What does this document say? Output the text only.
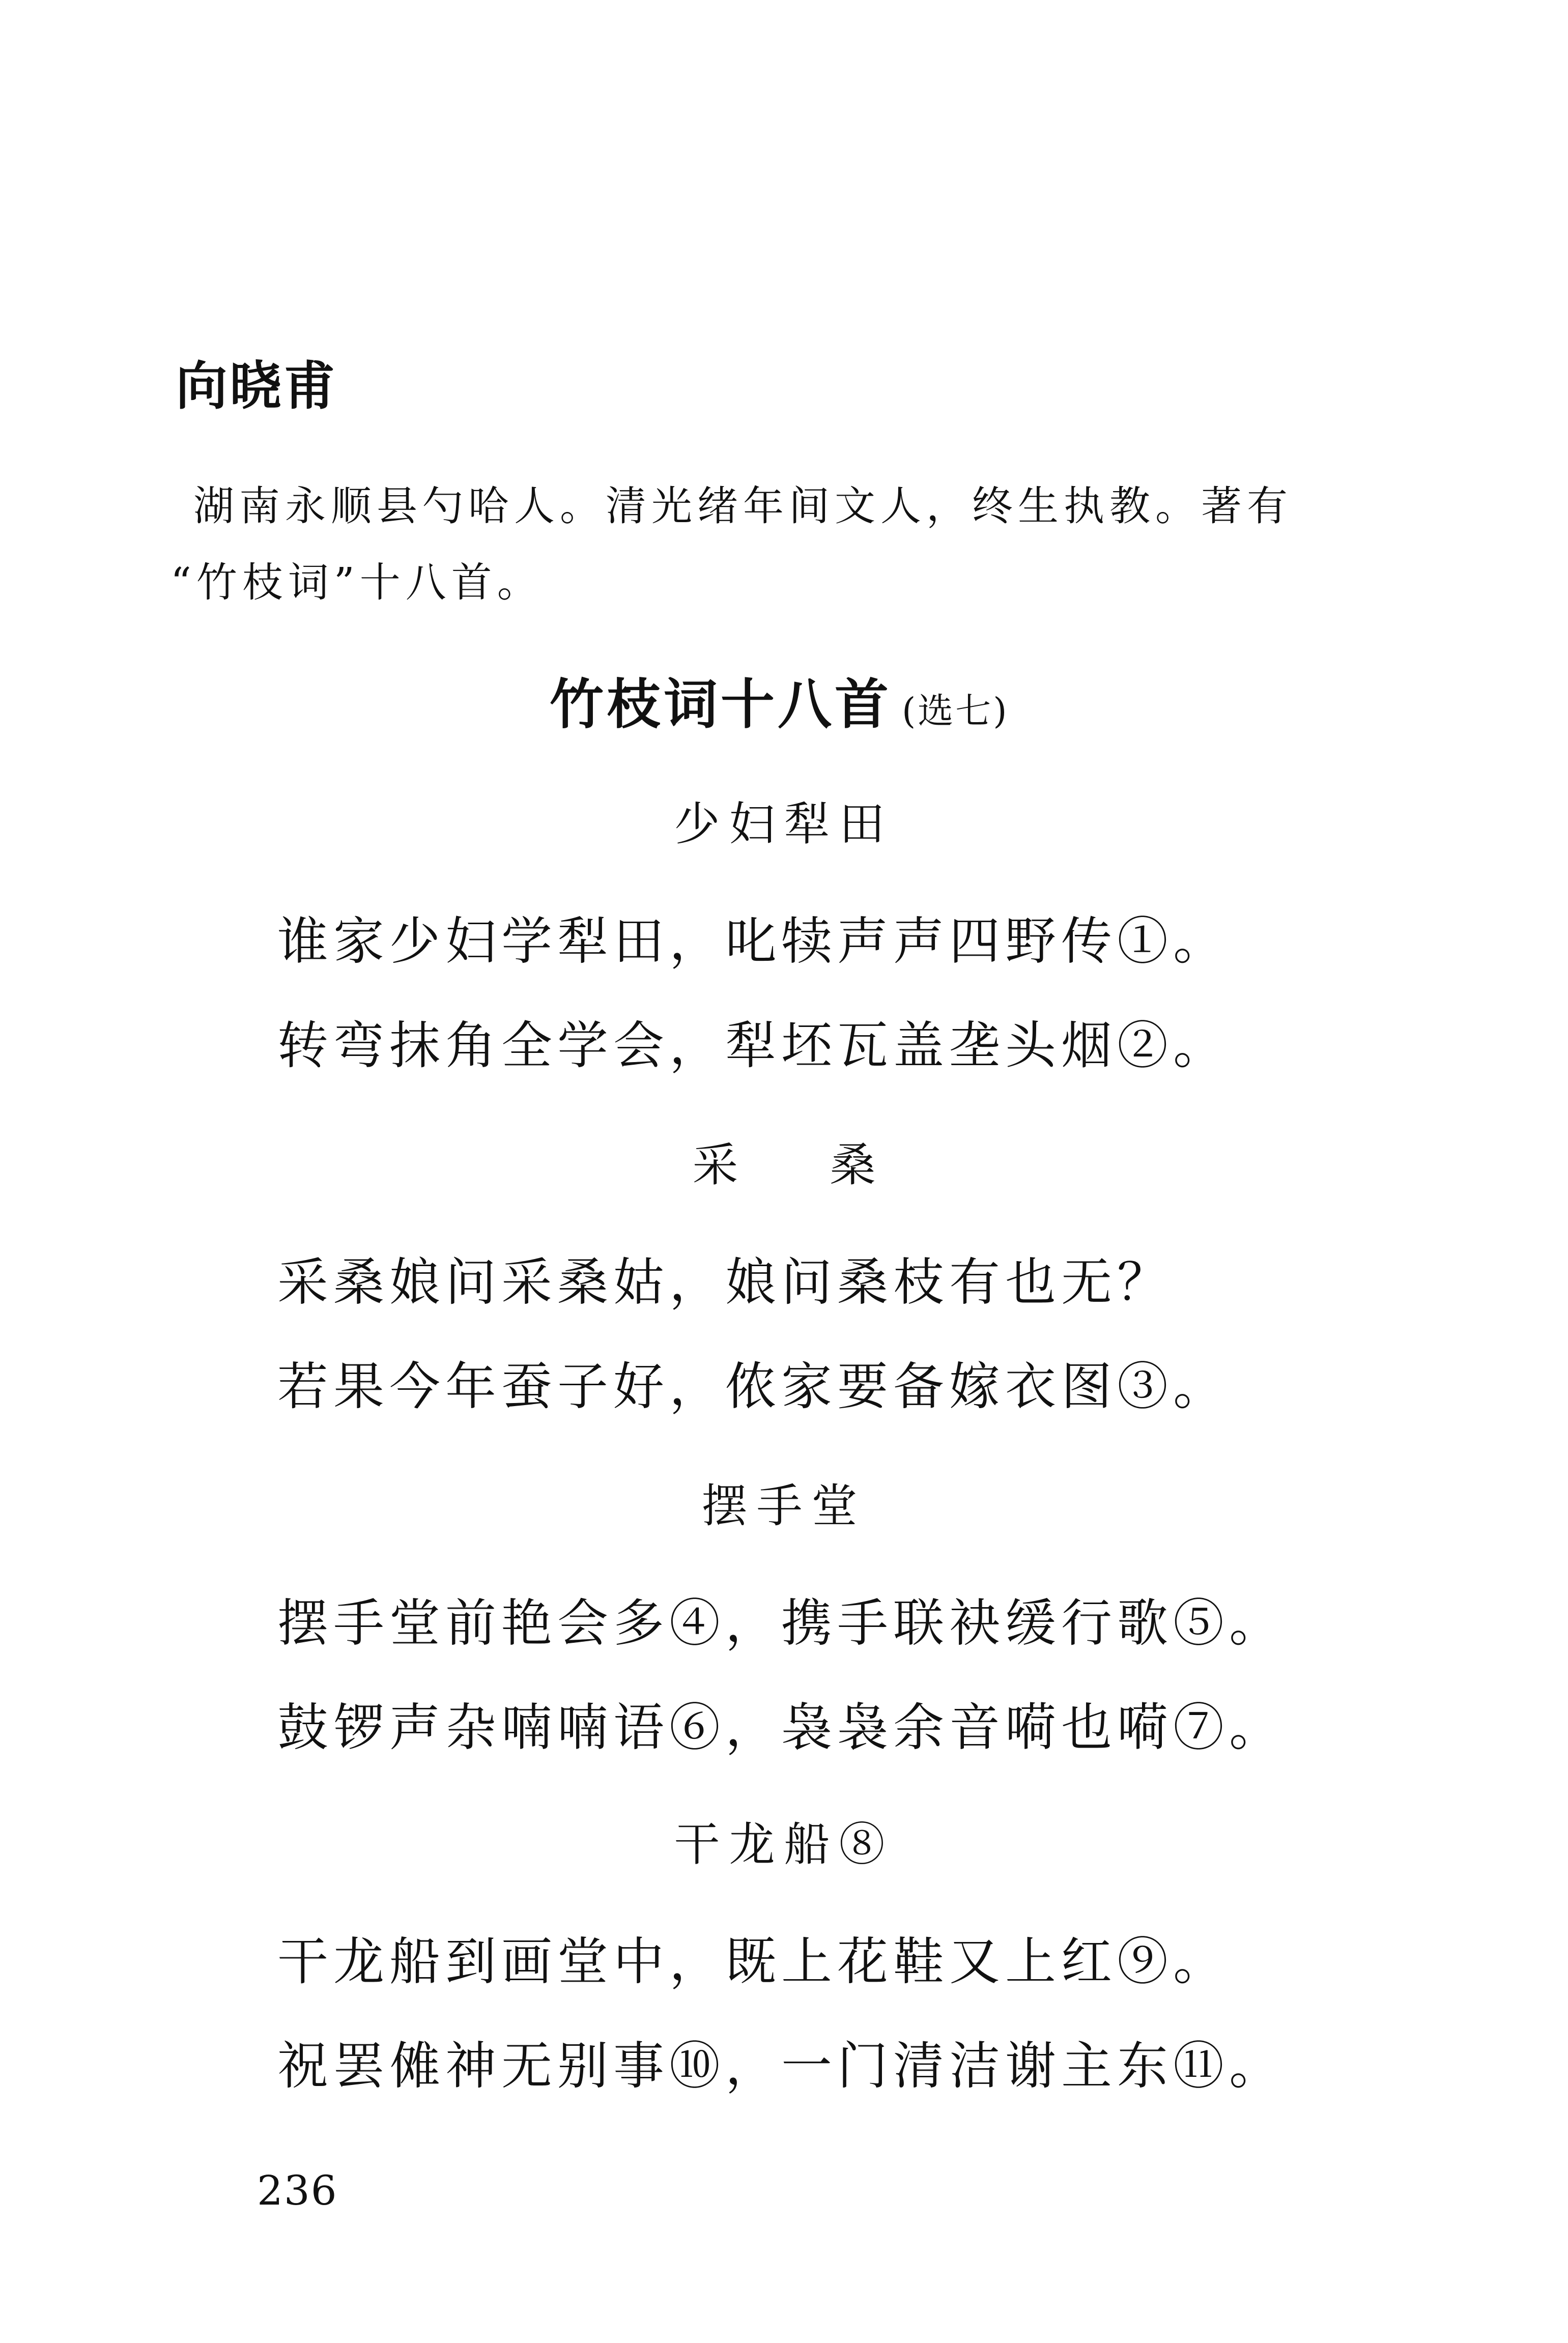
向晓甫
湖南永顺县勺哈人。清光绪年间文人，终生执教。著有
“竹枝词”十八首。
竹枝词十八首 (选七)
少妇犁田
谁家少妇学犁田，叱犊声声四野传①。
转弯抹角全学会，犁坯瓦盖垄头烟②。
采桑
采桑娘问采桑姑，娘问桑枝有也无？
若果今年蚕子好，侬家要备嫁衣图③。
摆手堂
摆手堂前艳会多④，携手联袂缓行歌⑤。
鼓锣声杂喃喃语⑥，袅袅余音嗬也嗬⑦。
干龙船⑧
干龙船到画堂中，既上花鞋又上红⑨。
祝罢傩神无别事⑩，一门清洁谢主东⑪。
236
